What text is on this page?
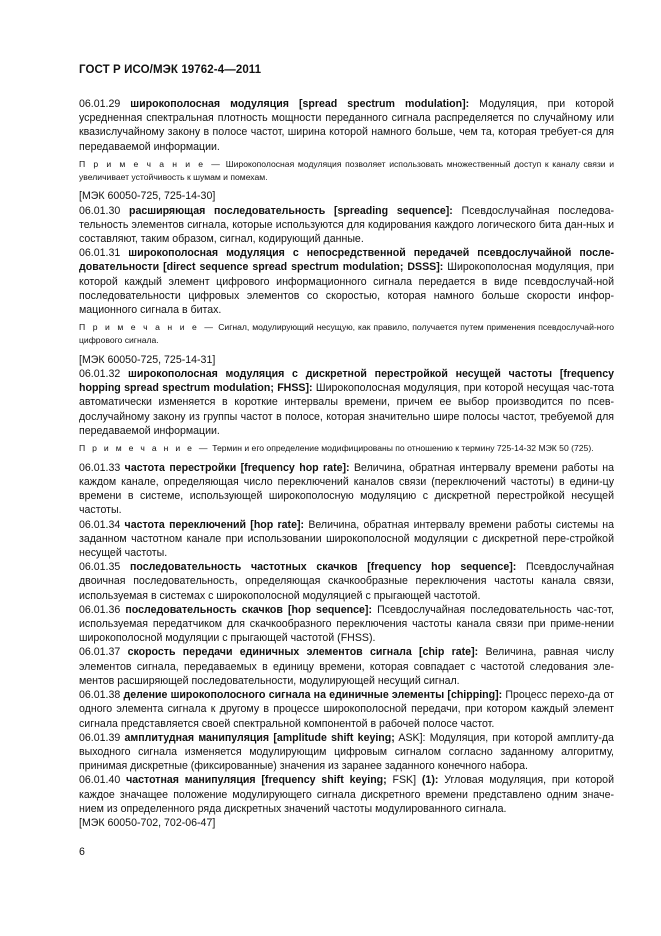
ГОСТ Р ИСО/МЭК 19762-4—2011

06.01.29 широкополосная модуляция [spread spectrum modulation]: Модуляция, при которой усредненная спектральная плотность мощности переданного сигнала распределяется по случайному или квазислучайному закону в полосе частот, ширина которой намного больше, чем та, которая требует-ся для передаваемой информации.

П р и м е ч а н и е — Широкополосная модуляция позволяет использовать множественный доступ к каналу связи и увеличивает устойчивость к шумам и помехам.

[МЭК 60050-725, 725-14-30]

06.01.30 расширяющая последовательность [spreading sequence]: Псевдослучайная последова-тельность элементов сигнала, которые используются для кодирования каждого логического бита дан-ных и составляют, таким образом, сигнал, кодирующий данные.

06.01.31 широкополосная модуляция с непосредственной передачей псевдослучайной после-довательности [direct sequence spread spectrum modulation; DSSS]: Широкополосная модуляция, при которой каждый элемент цифрового информационного сигнала передается в виде псевдослучай-ной последовательности цифровых элементов со скоростью, которая намного больше скорости инфор-мационного сигнала в битах.

П р и м е ч а н и е — Сигнал, модулирующий несущую, как правило, получается путем применения псевдослучай-ного цифрового сигнала.

[МЭК 60050-725, 725-14-31]

06.01.32 широкополосная модуляция с дискретной перестройкой несущей частоты [frequency hopping spread spectrum modulation; FHSS]: Широкополосная модуляция, при которой несущая час-тота автоматически изменяется в короткие интервалы времени, причем ее выбор производится по псев-дослучайному закону из группы частот в полосе, которая значительно шире полосы частот, требуемой для передаваемой информации.

П р и м е ч а н и е — Термин и его определение модифицированы по отношению к термину 725-14-32 МЭК 50 (725).

06.01.33 частота перестройки [frequency hop rate]: Величина, обратная интервалу времени работы на каждом канале, определяющая число переключений каналов связи (переключений частоты) в едини-цу времени в системе, использующей широкополосную модуляцию с дискретной перестройкой несущей частоты.

06.01.34 частота переключений [hop rate]: Величина, обратная интервалу времени работы системы на заданном частотном канале при использовании широкополосной модуляции с дискретной пере-стройкой несущей частоты.

06.01.35 последовательность частотных скачков [frequency hop sequence]: Псевдослучайная двоичная последовательность, определяющая скачкообразные переключения частоты канала связи, используемая в системах с широкополосной модуляцией с прыгающей частотой.

06.01.36 последовательность скачков [hop sequence]: Псевдослучайная последовательность час-тот, используемая передатчиком для скачкообразного переключения частоты канала связи при приме-нении широкополосной модуляции с прыгающей частотой (FHSS).

06.01.37 скорость передачи единичных элементов сигнала [chip rate]: Величина, равная числу элементов сигнала, передаваемых в единицу времени, которая совпадает с частотой следования эле-ментов расширяющей последовательности, модулирующей несущий сигнал.

06.01.38 деление широкополосного сигнала на единичные элементы [chipping]: Процесс перехо-да от одного элемента сигнала к другому в процессе широкополосной передачи, при котором каждый элемент сигнала представляется своей спектральной компонентой в рабочей полосе частот.

06.01.39 амплитудная манипуляция [amplitude shift keying; ASK]: Модуляция, при которой амплиту-да выходного сигнала изменяется модулирующим цифровым сигналом согласно заданному алгоритму, принимая дискретные (фиксированные) значения из заранее заданного конечного набора.

06.01.40 частотная манипуляция [frequency shift keying; FSK] (1): Угловая модуляция, при которой каждое значащее положение модулирующего сигнала дискретного времени представлено одним значе-нием из определенного ряда дискретных значений частоты модулированного сигнала.

[МЭК 60050-702, 702-06-47]

6
